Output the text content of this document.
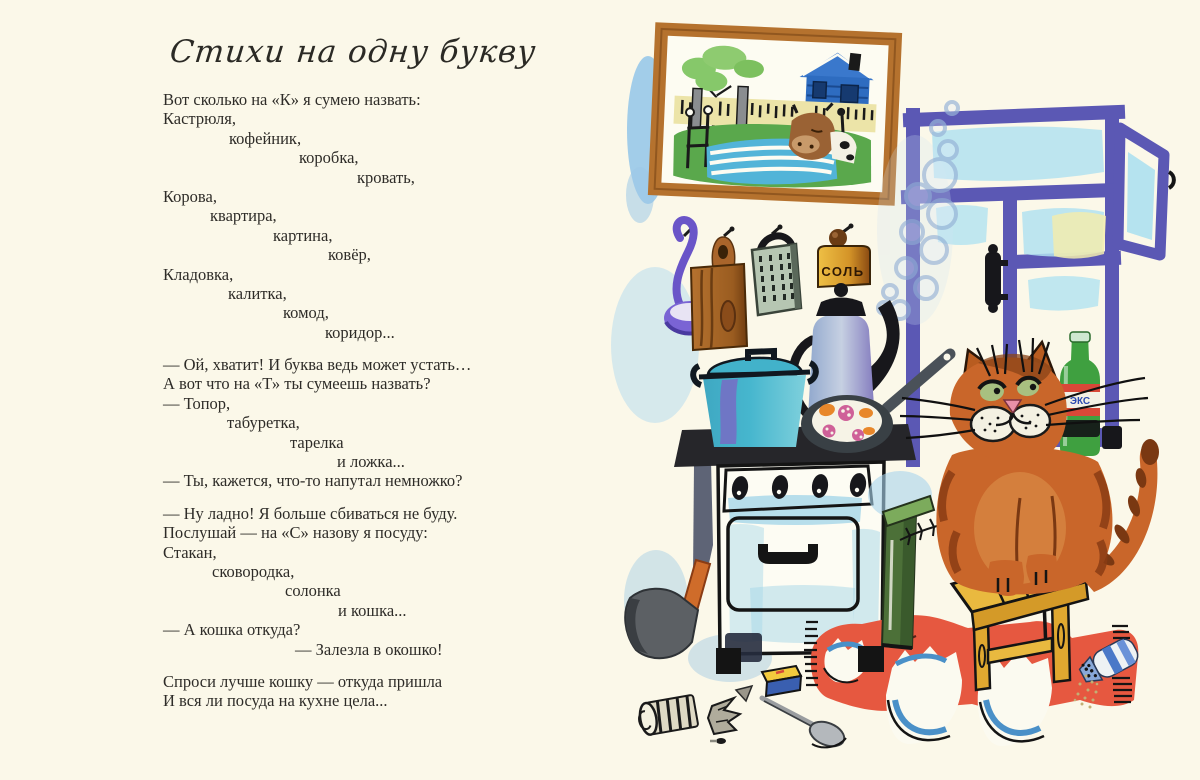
Стихи на одну букву
Вот сколько на «К» я сумею назвать:
Кастрюля,
кофейник,
коробка,
кровать,
Корова,
квартира,
картина,
ковёр,
Кладовка,
калитка,
комод,
коридор...
— Ой, хватит! И буква ведь может устать…
А вот что на «Т» ты сумеешь назвать?
— Топор,
табуретка,
тарелка
и ложка...
— Ты, кажется, что-то напутал немножко?
— Ну ладно! Я больше сбиваться не буду.
Послушай — на «С» назову я посуду:
Стакан,
сковородка,
солонка
и кошка...
— А кошка откуда?
— Залезла в окошко!
Спроси лучше кошку — откуда пришла
И вся ли посуда на кухне цела...
СОЛЬ
ЭКС
